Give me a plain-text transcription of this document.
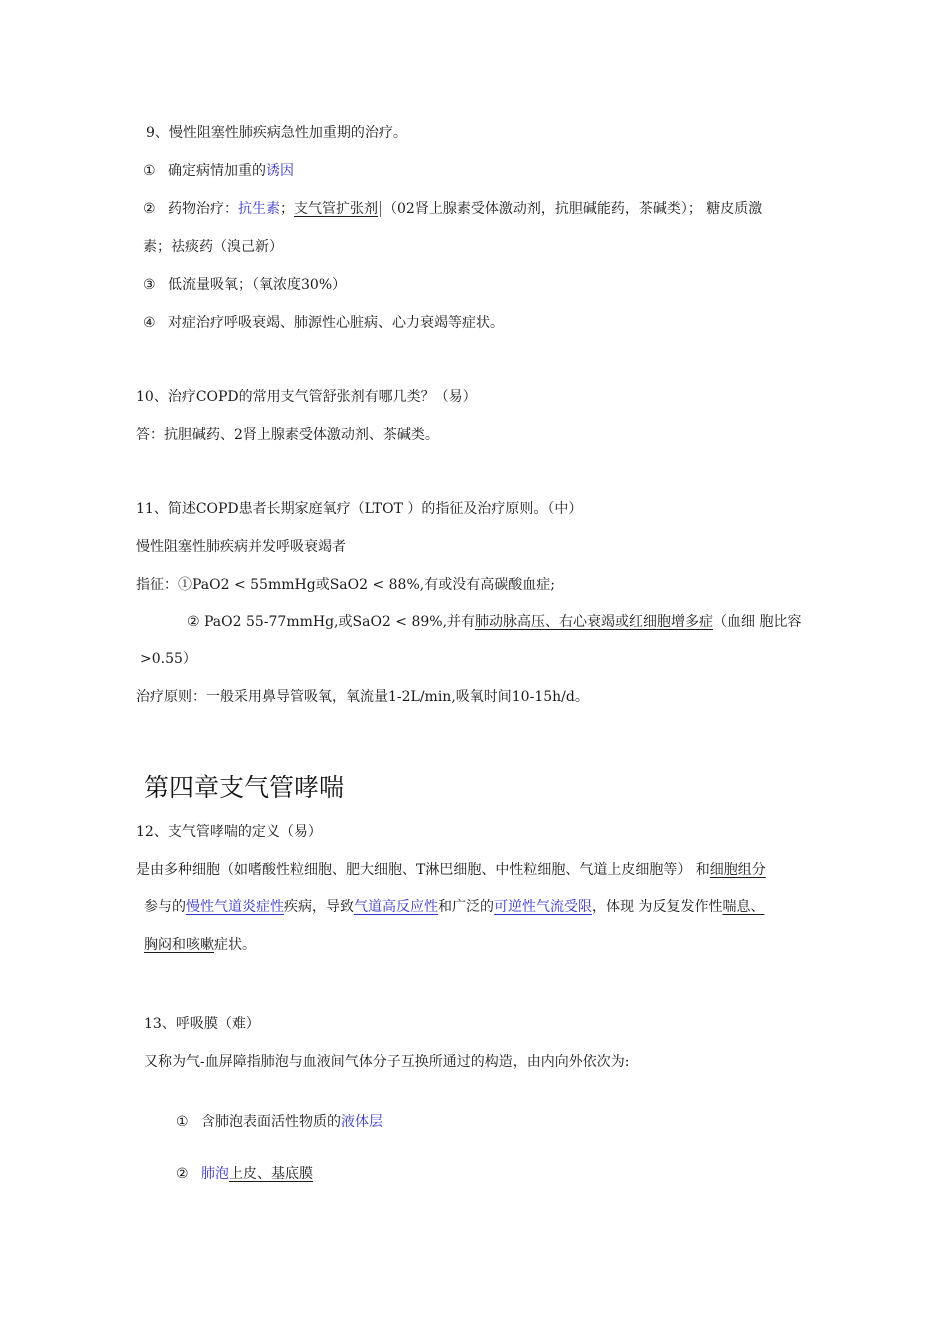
9、慢性阻塞性肺疾病急性加重期的治疗。
① 确定病情加重的诱因
② 药物治疗：抗生素；支气管扩张剂 （02肾上腺素受体激动剂，抗胆碱能药，茶碱类）； 糖皮质激
素；祛痰药（溴己新）
③ 低流量吸氧；（氧浓度30%）
④ 对症治疗呼吸衰竭、肺源性心脏病、心力衰竭等症状。
10、治疗COPD的常用支气管舒张剂有哪几类？（易）
答：抗胆碱药、2肾上腺素受体激动剂、茶碱类。
11、简述COPD患者长期家庭氧疗（LTOT ）的指征及治疗原则。（中）
慢性阻塞性肺疾病并发呼吸衰竭者
指征：①PaO2 < 55mmHg或SaO2 < 88%,有或没有高碳酸血症;
② PaO2 55-77mmHg,或SaO2 < 89%,并有肺动脉高压、右心衰竭或红细胞增多症（血细 胞比容
>0.55）
治疗原则：一般采用鼻导管吸氧，氧流量1-2L/min,吸氧时间10-15h/d。
第四章支气管哮喘
12、支气管哮喘的定义（易）
是由多种细胞（如嗜酸性粒细胞、肥大细胞、T淋巴细胞、中性粒细胞、气道上皮细胞等） 和细胞组分
参与的慢性气道炎症性疾病，导致气道高反应性和广泛的可逆性气流受限，体现 为反复发作性喘息、
胸闷和咳嗽症状。
13、呼吸膜（难）
又称为气-血屏障指肺泡与血液间气体分子互换所通过的构造，由内向外依次为:
① 含肺泡表面活性物质的液体层
② 肺泡上皮、基底膜
